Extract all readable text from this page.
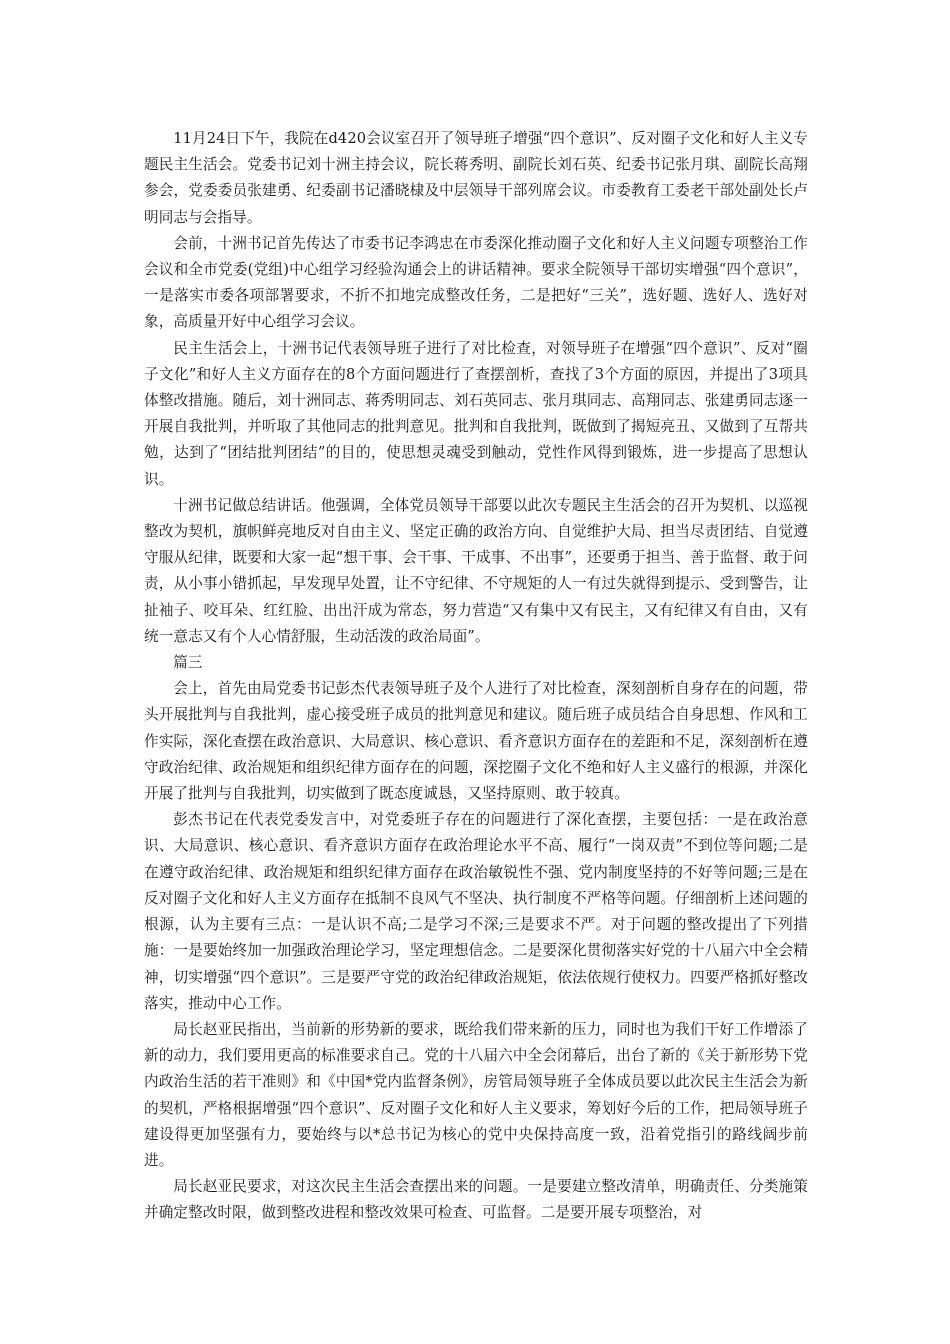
11月24日下午，我院在d420会议室召开了领导班子增强“四个意识”、反对圈子文化和好人主义专题民主生活会。党委书记刘十洲主持会议，院长蒋秀明、副院长刘石英、纪委书记张月琪、副院长高翔参会，党委委员张建勇、纪委副书记潘晓棣及中层领导干部列席会议。市委教育工委老干部处副处长卢明同志与会指导。

会前，十洲书记首先传达了市委书记李鸿忠在市委深化推动圈子文化和好人主义问题专项整治工作会议和全市党委(党组)中心组学习经验沟通会上的讲话精神。要求全院领导干部切实增强“四个意识”，一是落实市委各项部署要求，不折不扣地完成整改任务，二是把好“三关”，选好题、选好人、选好对象，高质量开好中心组学习会议。

民主生活会上，十洲书记代表领导班子进行了对比检查，对领导班子在增强“四个意识”、反对“圈子文化”和好人主义方面存在的8个方面问题进行了查摆剖析，查找了3个方面的原因，并提出了3项具体整改措施。随后，刘十洲同志、蒋秀明同志、刘石英同志、张月琪同志、高翔同志、张建勇同志逐一开展自我批判，并听取了其他同志的批判意见。批判和自我批判，既做到了揭短亮丑、又做到了互帮共勉，达到了“团结批判团结”的目的，使思想灵魂受到触动，党性作风得到锻炼，进一步提高了思想认识。

十洲书记做总结讲话。他强调，全体党员领导干部要以此次专题民主生活会的召开为契机、以巡视整改为契机，旗帜鲜亮地反对自由主义、坚定正确的政治方向、自觉维护大局、担当尽责团结、自觉遵守服从纪律，既要和大家一起“想干事、会干事、干成事、不出事”，还要勇于担当、善于监督、敢于问责，从小事小错抓起，早发现早处置，让不守纪律、不守规矩的人一有过失就得到提示、受到警告，让扯袖子、咬耳朵、红红脸、出出汗成为常态，努力营造“又有集中又有民主，又有纪律又有自由，又有统一意志又有个人心情舒服，生动活泼的政治局面”。

篇三

会上，首先由局党委书记彭杰代表领导班子及个人进行了对比检查，深刻剖析自身存在的问题，带头开展批判与自我批判，虚心接受班子成员的批判意见和建议。随后班子成员结合自身思想、作风和工作实际，深化查摆在政治意识、大局意识、核心意识、看齐意识方面存在的差距和不足，深刻剖析在遵守政治纪律、政治规矩和组织纪律方面存在的问题，深挖圈子文化不绝和好人主义盛行的根源，并深化开展了批判与自我批判，切实做到了既态度诚恳，又坚持原则、敢于较真。

彭杰书记在代表党委发言中，对党委班子存在的问题进行了深化查摆，主要包括：一是在政治意识、大局意识、核心意识、看齐意识方面存在政治理论水平不高、履行“一岗双责”不到位等问题;二是在遵守政治纪律、政治规矩和组织纪律方面存在政治敏锐性不强、党内制度坚持的不好等问题;三是在反对圈子文化和好人主义方面存在抵制不良风气不坚决、执行制度不严格等问题。仔细剖析上述问题的根源，认为主要有三点：一是认识不高;二是学习不深;三是要求不严。对于问题的整改提出了下列措施：一是要始终加一加强政治理论学习，坚定理想信念。二是要深化贯彻落实好党的十八届六中全会精神，切实增强“四个意识”。三是要严守党的政治纪律政治规矩，依法依规行使权力。四要严格抓好整改落实，推动中心工作。

局长赵亚民指出，当前新的形势新的要求，既给我们带来新的压力，同时也为我们干好工作增添了新的动力，我们要用更高的标准要求自己。党的十八届六中全会闭幕后，出台了新的《关于新形势下党内政治生活的若干准则》和《中国*党内监督条例》，房管局领导班子全体成员要以此次民主生活会为新的契机，严格根据增强“四个意识”、反对圈子文化和好人主义要求，筹划好今后的工作，把局领导班子建设得更加坚强有力，要始终与以*总书记为核心的党中央保持高度一致，沿着党指引的路线阔步前进。

局长赵亚民要求，对这次民主生活会查摆出来的问题。一是要建立整改清单，明确责任、分类施策并确定整改时限，做到整改进程和整改效果可检查、可监督。二是要开展专项整治，对
